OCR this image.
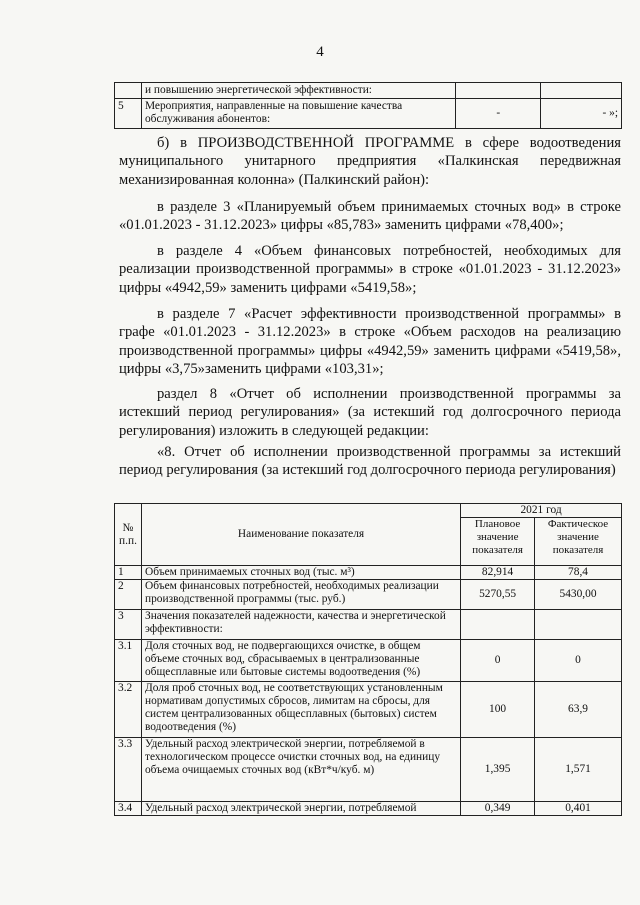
4
	и повышению энергетической эффективности:		
5	Мероприятия, направленные на повышение качества обслуживания абонентов:	-	- »;
б) в ПРОИЗВОДСТВЕННОЙ ПРОГРАММЕ в сфере водоотведения муниципального унитарного предприятия «Палкинская передвижная механизированная колонна» (Палкинский район):
в разделе 3 «Планируемый объем принимаемых сточных вод» в строке «01.01.2023 - 31.12.2023» цифры «85,783» заменить цифрами «78,400»;
в разделе 4 «Объем финансовых потребностей, необходимых для реализации производственной программы» в строке «01.01.2023 - 31.12.2023» цифры «4942,59» заменить цифрами «5419,58»;
в разделе 7 «Расчет эффективности производственной программы» в графе «01.01.2023 - 31.12.2023» в строке «Объем расходов на реализацию производственной программы» цифры «4942,59» заменить цифрами «5419,58», цифры «3,75»заменить цифрами «103,31»;
раздел 8 «Отчет об исполнении производственной программы за истекший период регулирования» (за истекший год долгосрочного периода регулирования) изложить в следующей редакции:
«8. Отчет об исполнении производственной программы за истекший период регулирования (за истекший год долгосрочного периода регулирования)
№ п.п.	Наименование показателя	2021 год	
		Плановое значение показателя	Фактическое значение показателя
1	Объем принимаемых сточных вод (тыс. м³)	82,914	78,4
2	Объем финансовых потребностей, необходимых реализации производственной программы (тыс. руб.)	5270,55	5430,00
3	Значения показателей надежности, качества и энергетической эффективности:		
3.1	Доля сточных вод, не подвергающихся очистке, в общем объеме сточных вод, сбрасываемых в централизованные общесплавные или бытовые системы водоотведения (%)	0	0
3.2	Доля проб сточных вод, не соответствующих установленным нормативам допустимых сбросов, лимитам на сбросы, для систем централизованных общесплавных (бытовых) систем водоотведения (%)	100	63,9
3.3	Удельный расход электрической энергии, потребляемой в технологическом процессе очистки сточных вод, на единицу объема очищаемых сточных вод (кВт*ч/куб. м)	1,395	1,571
3.4	Удельный расход электрической энергии, потребляемой	0,349	0,401
